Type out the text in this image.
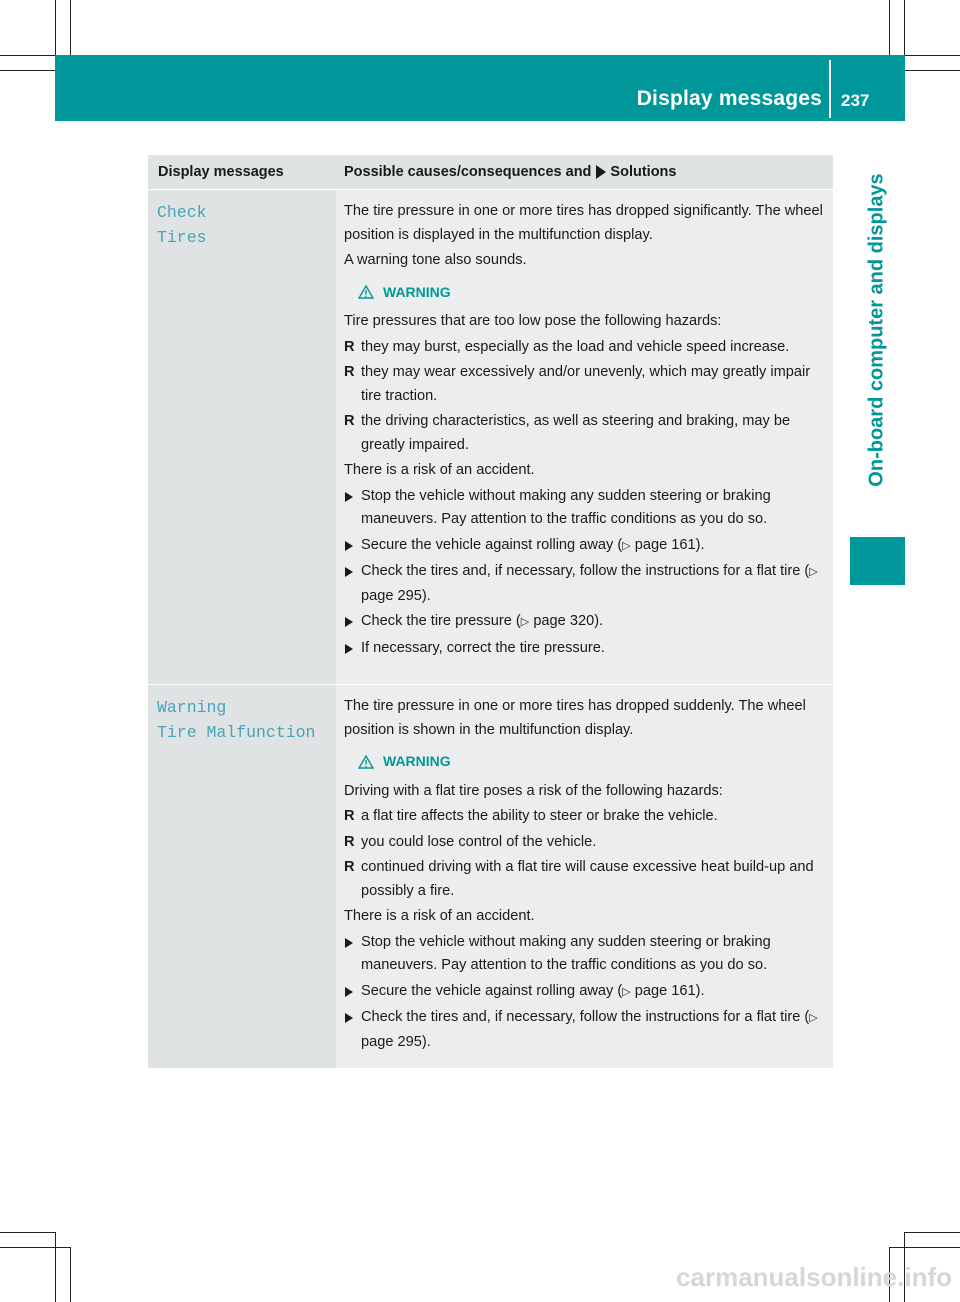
Display messages 237
On-board computer and displays
Display messages	Possible causes/consequences and Solutions
Check
Tires
The tire pressure in one or more tires has dropped significantly. The wheel position is displayed in the multifunction display.
A warning tone also sounds.
WARNING
Tire pressures that are too low pose the following hazards:
R they may burst, especially as the load and vehicle speed increase.
R they may wear excessively and/or unevenly, which may greatly impair tire traction.
R the driving characteristics, as well as steering and braking, may be greatly impaired.
There is a risk of an accident.
Stop the vehicle without making any sudden steering or braking maneuvers. Pay attention to the traffic conditions as you do so.
Secure the vehicle against rolling away (▷ page 161).
Check the tires and, if necessary, follow the instructions for a flat tire (▷ page 295).
Check the tire pressure (▷ page 320).
If necessary, correct the tire pressure.
Warning
Tire Malfunction
The tire pressure in one or more tires has dropped suddenly. The wheel position is shown in the multifunction display.
WARNING
Driving with a flat tire poses a risk of the following hazards:
R a flat tire affects the ability to steer or brake the vehicle.
R you could lose control of the vehicle.
R continued driving with a flat tire will cause excessive heat build-up and possibly a fire.
There is a risk of an accident.
Stop the vehicle without making any sudden steering or braking maneuvers. Pay attention to the traffic conditions as you do so.
Secure the vehicle against rolling away (▷ page 161).
Check the tires and, if necessary, follow the instructions for a flat tire (▷ page 295).
carmanualsonline.info
